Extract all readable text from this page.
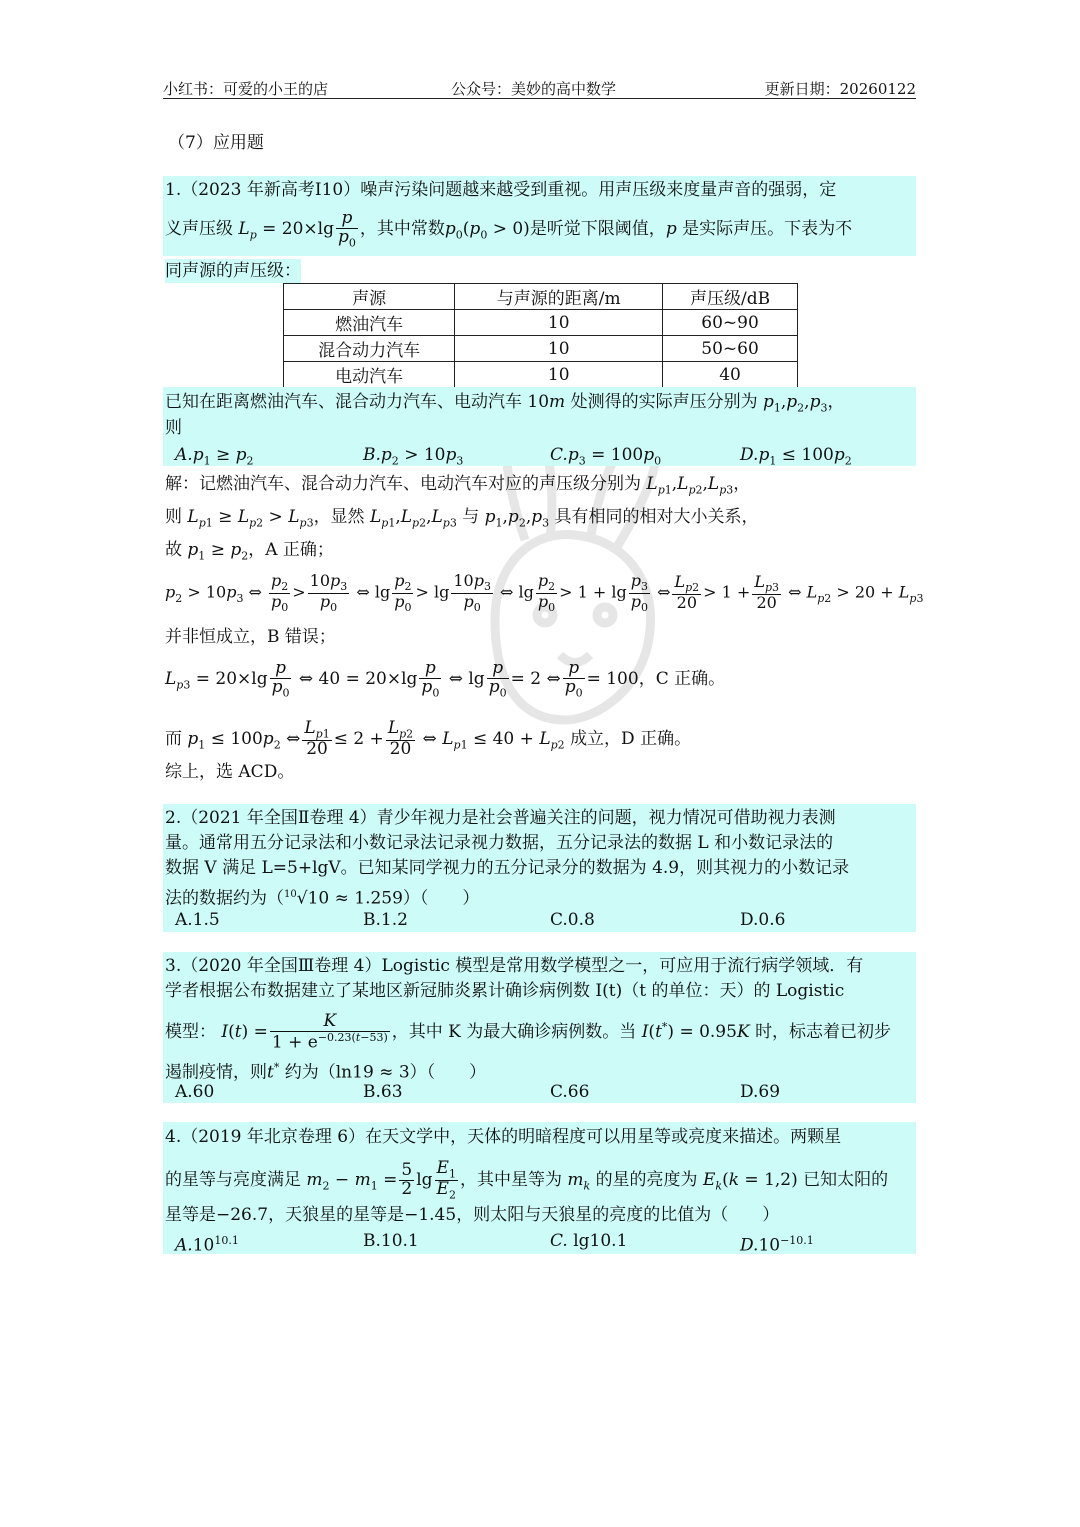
小红书：可爱的小王的店	公众号：美妙的高中数学	更新日期：20260122
（7）应用题
1.（2023 年新高考Ⅰ10）噪声污染问题越来越受到重视。用声压级来度量声音的强弱，定
义声压级 $L_p = 20\times\lg \frac{p}{p_0}$ ，其中常数$p_0(p_0 > 0)$是听觉下限阈值，p 是实际声压。下表为不
同声源的声压级：
声源	与声源的距离/m	声压级/dB
燃油汽车	10	60~90
混合动力汽车	10	50~60
电动汽车	10	40
已知在距离燃油汽车、混合动力汽车、电动汽车 10m 处测得的实际声压分别为 $p_1,p_2,p_3$，
则
$A.p_1 \ge p_2$	$B.p_2 > 10p_3$	$C.p_3 = 100p_0$	$D.p_1 \le 100p_2$
解：记燃油汽车、混合动力汽车、电动汽车对应的声压级分别为 $L_{p1},L_{p2},L_{p3}$，
则 $L_{p1} \ge L_{p2} > L_{p3}$，显然 $L_{p1},L_{p2},L_{p3}$ 与 $p_1,p_2,p_3$ 具有相同的相对大小关系，
故 $p_1 \ge p_2$，A 正确；
$p_2 > 10p_3$ ⇔ $\frac{p_2}{p_0} > \frac{10p_3}{p_0}$ ⇔ $\lg \frac{p_2}{p_0} > \lg \frac{10p_3}{p_0}$ ⇔ $\lg \frac{p_2}{p_0} > 1 + \lg \frac{p_3}{p_0}$ ⇔ $\frac{L_{p2}}{20} > 1 + \frac{L_{p3}}{20}$ ⇔ $L_{p2} > 20 + L_{p3}$
并非恒成立，B 错误；
$L_{p3} = 20\times\lg \frac{p}{p_0}$ ⇔ $40 = 20\times\lg \frac{p}{p_0}$ ⇔ $\lg \frac{p}{p_0} = 2$ ⇔ $\frac{p}{p_0} = 100$，C 正确。
而 $p_1 \le 100p_2$ ⇔ $\frac{L_{p1}}{20} \le 2 + \frac{L_{p2}}{20}$ ⇔ $L_{p1} \le 40 + L_{p2}$ 成立，D 正确。
综上，选 ACD。
2.（2021 年全国Ⅱ卷理 4）青少年视力是社会普遍关注的问题，视力情况可借助视力表测
量。通常用五分记录法和小数记录法记录视力数据，五分记录法的数据 L 和小数记录法的
数据 V 满足 L=5+lgV。已知某同学视力的五分记录分的数据为 4.9，则其视力的小数记录
法的数据约为（$^{10}$√10 ≈ 1.259）（　　）
A.1.5	B.1.2	C.0.8	D.0.6
3.（2020 年全国Ⅲ卷理 4）Logistic 模型是常用数学模型之一，可应用于流行病学领域．有
学者根据公布数据建立了某地区新冠肺炎累计确诊病例数 I(t)（t 的单位：天）的 Logistic
模型： $I(t) = \frac{K}{1 + e^{-0.23(t-53)}}$ ，其中 K 为最大确诊病例数。当 I(t*) = 0.95K 时，标志着已初步
遏制疫情，则t* 约为（ln19 ≈ 3）（　　）
A.60	B.63	C.66	D.69
4.（2019 年北京卷理 6）在天文学中，天体的明暗程度可以用星等或亮度来描述。两颗星
的星等与亮度满足 $m_2 - m_1 = \frac{5}{2}$ $\lg \frac{E_1}{E_2}$ ，其中星等为 $m_k$ 的星的亮度为 $E_k(k = 1,2)$ 已知太阳的
星等是−26.7，天狼星的星等是−1.45，则太阳与天狼星的亮度的比值为（　　）
$A.10^{10.1}$	B.10.1	C. lg10.1	$D.10^{-10.1}$
